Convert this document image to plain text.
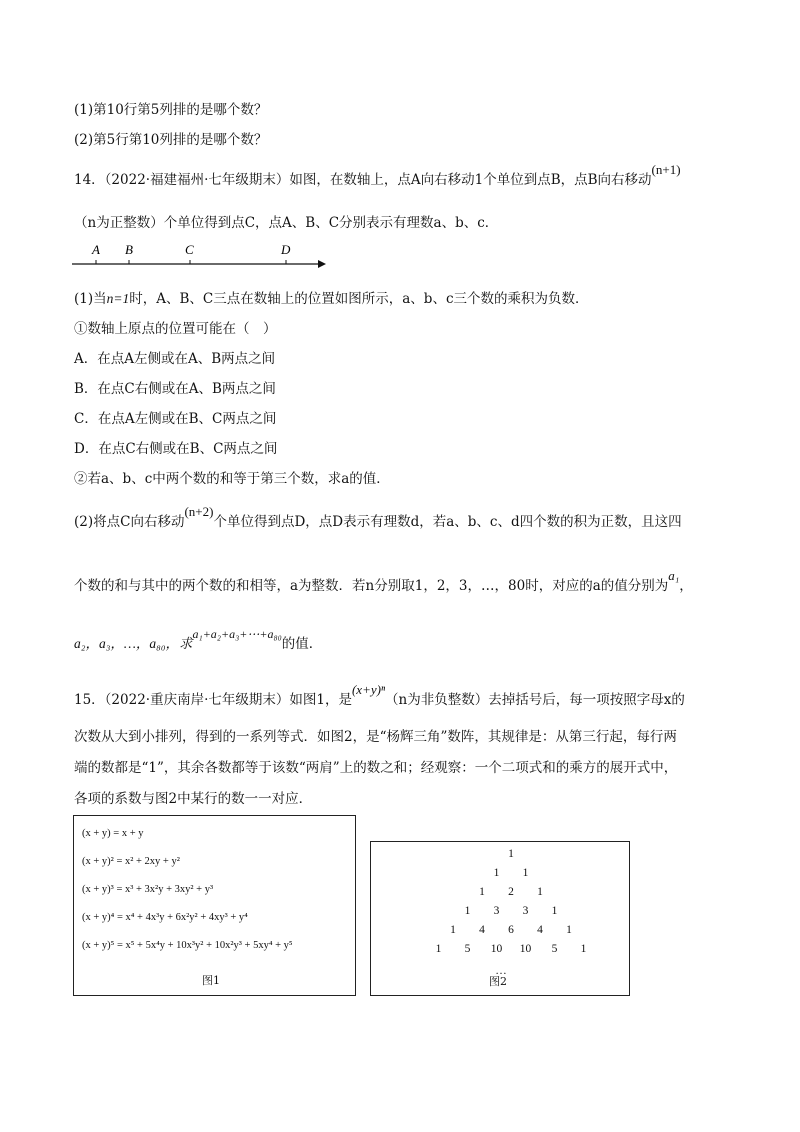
(1)第10行第5列排的是哪个数？
(2)第5行第10列排的是哪个数？
14．（2022·福建福州·七年级期末）如图，在数轴上，点A向右移动1个单位到点B，点B向右移动(n+1)
（n为正整数）个单位得到点C，点A、B、C分别表示有理数a、b、c．
A B	C	D
(1)当n=1时，A、B、C三点在数轴上的位置如图所示，a、b、c三个数的乘积为负数．
①数轴上原点的位置可能在（　）
A．在点A左侧或在A、B两点之间
B．在点C右侧或在A、B两点之间
C．在点A左侧或在B、C两点之间
D．在点C右侧或在B、C两点之间
②若a、b、c中两个数的和等于第三个数，求a的值．
(2)将点C向右移动(n+2)个单位得到点D，点D表示有理数d，若a、b、c、d四个数的积为正数，且这四
个数的和与其中的两个数的和相等，a为整数．若n分别取1，2，3，…，80时，对应的a的值分别为a₁，
a₂，a₃，…，a₈₀，求a₁+a₂+a₃+⋯+a₈₀的值．
15．（2022·重庆南岸·七年级期末）如图1，是(x+y)ⁿ（n为非负整数）去掉括号后，每一项按照字母x的
次数从大到小排列，得到的一系列等式．如图2，是“杨辉三角”数阵，其规律是：从第三行起，每行两
端的数都是“1”，其余各数都等于该数“两肩”上的数之和；经观察：一个二项式和的乘方的展开式中，
各项的系数与图2中某行的数一一对应．
(x + y) = x + y
(x + y)² = x² + 2xy + y²
(x + y)³ = x³ + 3x²y + 3xy² + y³
(x + y)⁴ = x⁴ + 4x³y + 6x²y² + 4xy³ + y⁴
(x + y)⁵ = x⁵ + 5x⁴y + 10x³y² + 10x²y³ + 5xy⁴ + y⁵
图1
…
图2
1
1 1
1 2 1
1 3 3 1
1 4 6 4 1
1 5 10 10 5 1
